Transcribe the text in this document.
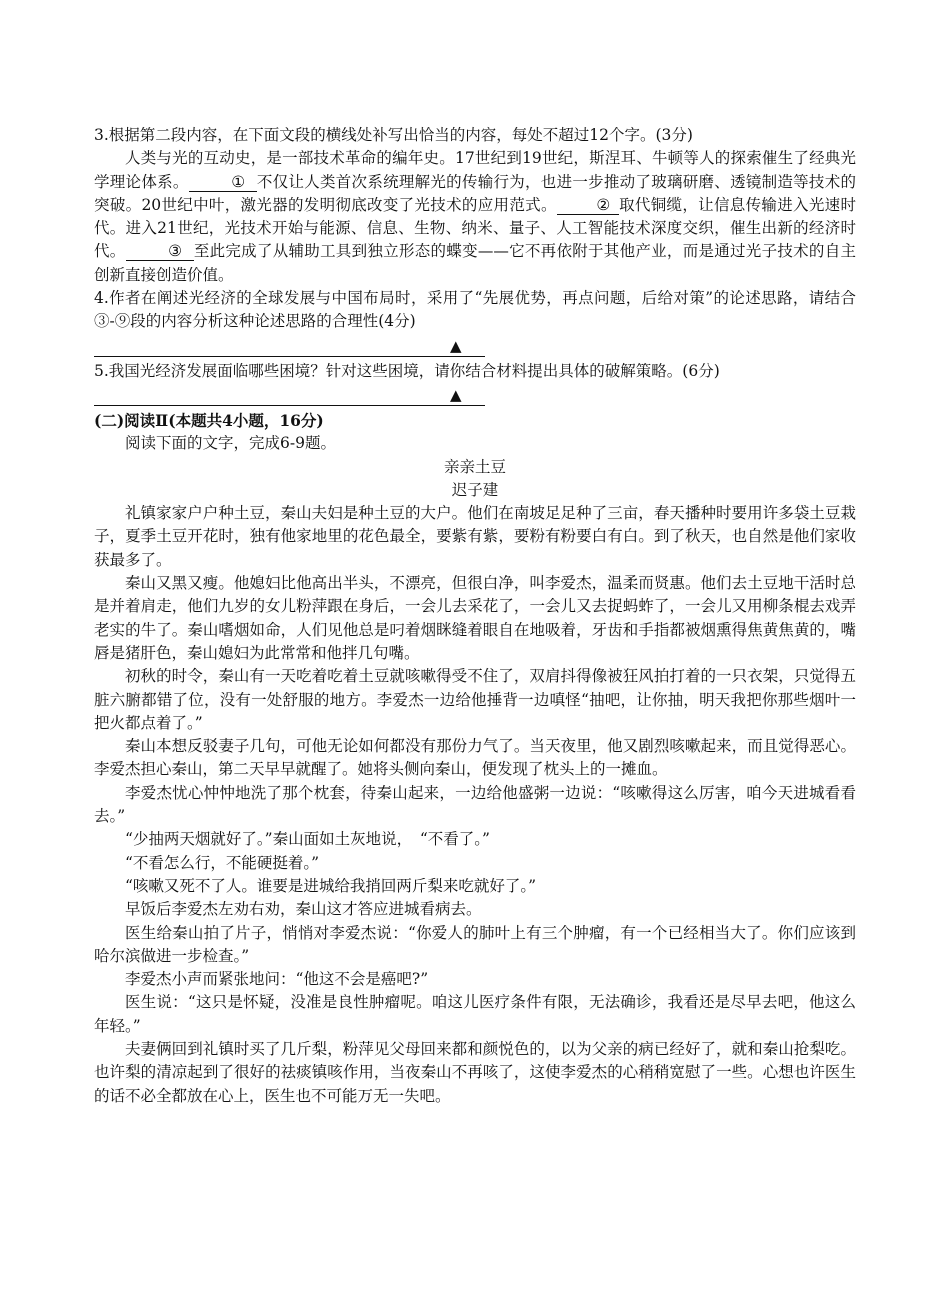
3.根据第二段内容，在下面文段的横线处补写出恰当的内容，每处不超过12个字。(3分)

人类与光的互动史，是一部技术革命的编年史。17世纪到19世纪，斯涅耳、牛顿等人的探索催生了经典光学理论体系。	① 不仅让人类首次系统理解光的传输行为，也进一步推动了玻璃研磨、透镜制造等技术的突破。20世纪中叶，激光器的发明彻底改变了光技术的应用范式。	② 取代铜缆，让信息传输进入光速时代。进入21世纪，光技术开始与能源、信息、生物、纳米、量子、人工智能技术深度交织，催生出新的经济时代。	③ 至此完成了从辅助工具到独立形态的蝶变——它不再依附于其他产业，而是通过光子技术的自主创新直接创造价值。

4.作者在阐述光经济的全球发展与中国布局时，采用了“先展优势，再点问题，后给对策”的论述思路，请结合③-⑨段的内容分析这种论述思路的合理性(4分)

▲

5.我国光经济发展面临哪些困境？针对这些困境，请你结合材料提出具体的破解策略。(6分)

▲

(二)阅读Ⅱ(本题共4小题，16分)

阅读下面的文字，完成6-9题。

亲亲土豆

迟子建

礼镇家家户户种土豆，秦山夫妇是种土豆的大户。他们在南坡足足种了三亩，春天播种时要用许多袋土豆栽子，夏季土豆开花时，独有他家地里的花色最全，要紫有紫，要粉有粉要白有白。到了秋天，也自然是他们家收获最多了。

秦山又黑又瘦。他媳妇比他高出半头，不漂亮，但很白净，叫李爱杰，温柔而贤惠。他们去土豆地干活时总是并着肩走，他们九岁的女儿粉萍跟在身后，一会儿去采花了，一会儿又去捉蚂蚱了，一会儿又用柳条棍去戏弄老实的牛了。秦山嗜烟如命，人们见他总是叼着烟眯缝着眼自在地吸着，牙齿和手指都被烟熏得焦黄焦黄的，嘴唇是猪肝色，秦山媳妇为此常常和他拌几句嘴。

初秋的时令，秦山有一天吃着吃着土豆就咳嗽得受不住了，双肩抖得像被狂风拍打着的一只衣架，只觉得五脏六腑都错了位，没有一处舒服的地方。李爱杰一边给他捶背一边嗔怪“抽吧，让你抽，明天我把你那些烟叶一把火都点着了。”

秦山本想反驳妻子几句，可他无论如何都没有那份力气了。当天夜里，他又剧烈咳嗽起来，而且觉得恶心。李爱杰担心秦山，第二天早早就醒了。她将头侧向秦山，便发现了枕头上的一摊血。

李爱杰忧心忡忡地洗了那个枕套，待秦山起来，一边给他盛粥一边说：“咳嗽得这么厉害，咱今天进城看看去。”

“少抽两天烟就好了。”秦山面如土灰地说，　“不看了。”

“不看怎么行，不能硬挺着。”

“咳嗽又死不了人。谁要是进城给我捎回两斤梨来吃就好了。”

早饭后李爱杰左劝右劝，秦山这才答应进城看病去。

医生给秦山拍了片子，悄悄对李爱杰说：“你爱人的肺叶上有三个肿瘤，有一个已经相当大了。你们应该到哈尔滨做进一步检查。”

李爱杰小声而紧张地问：“他这不会是癌吧?”

医生说：“这只是怀疑，没准是良性肿瘤呢。咱这儿医疗条件有限，无法确诊，我看还是尽早去吧，他这么年轻。”

夫妻俩回到礼镇时买了几斤梨，粉萍见父母回来都和颜悦色的，以为父亲的病已经好了，就和秦山抢梨吃。也许梨的清凉起到了很好的祛痰镇咳作用，当夜秦山不再咳了，这使李爱杰的心稍稍宽慰了一些。心想也许医生的话不必全都放在心上，医生也不可能万无一失吧。
